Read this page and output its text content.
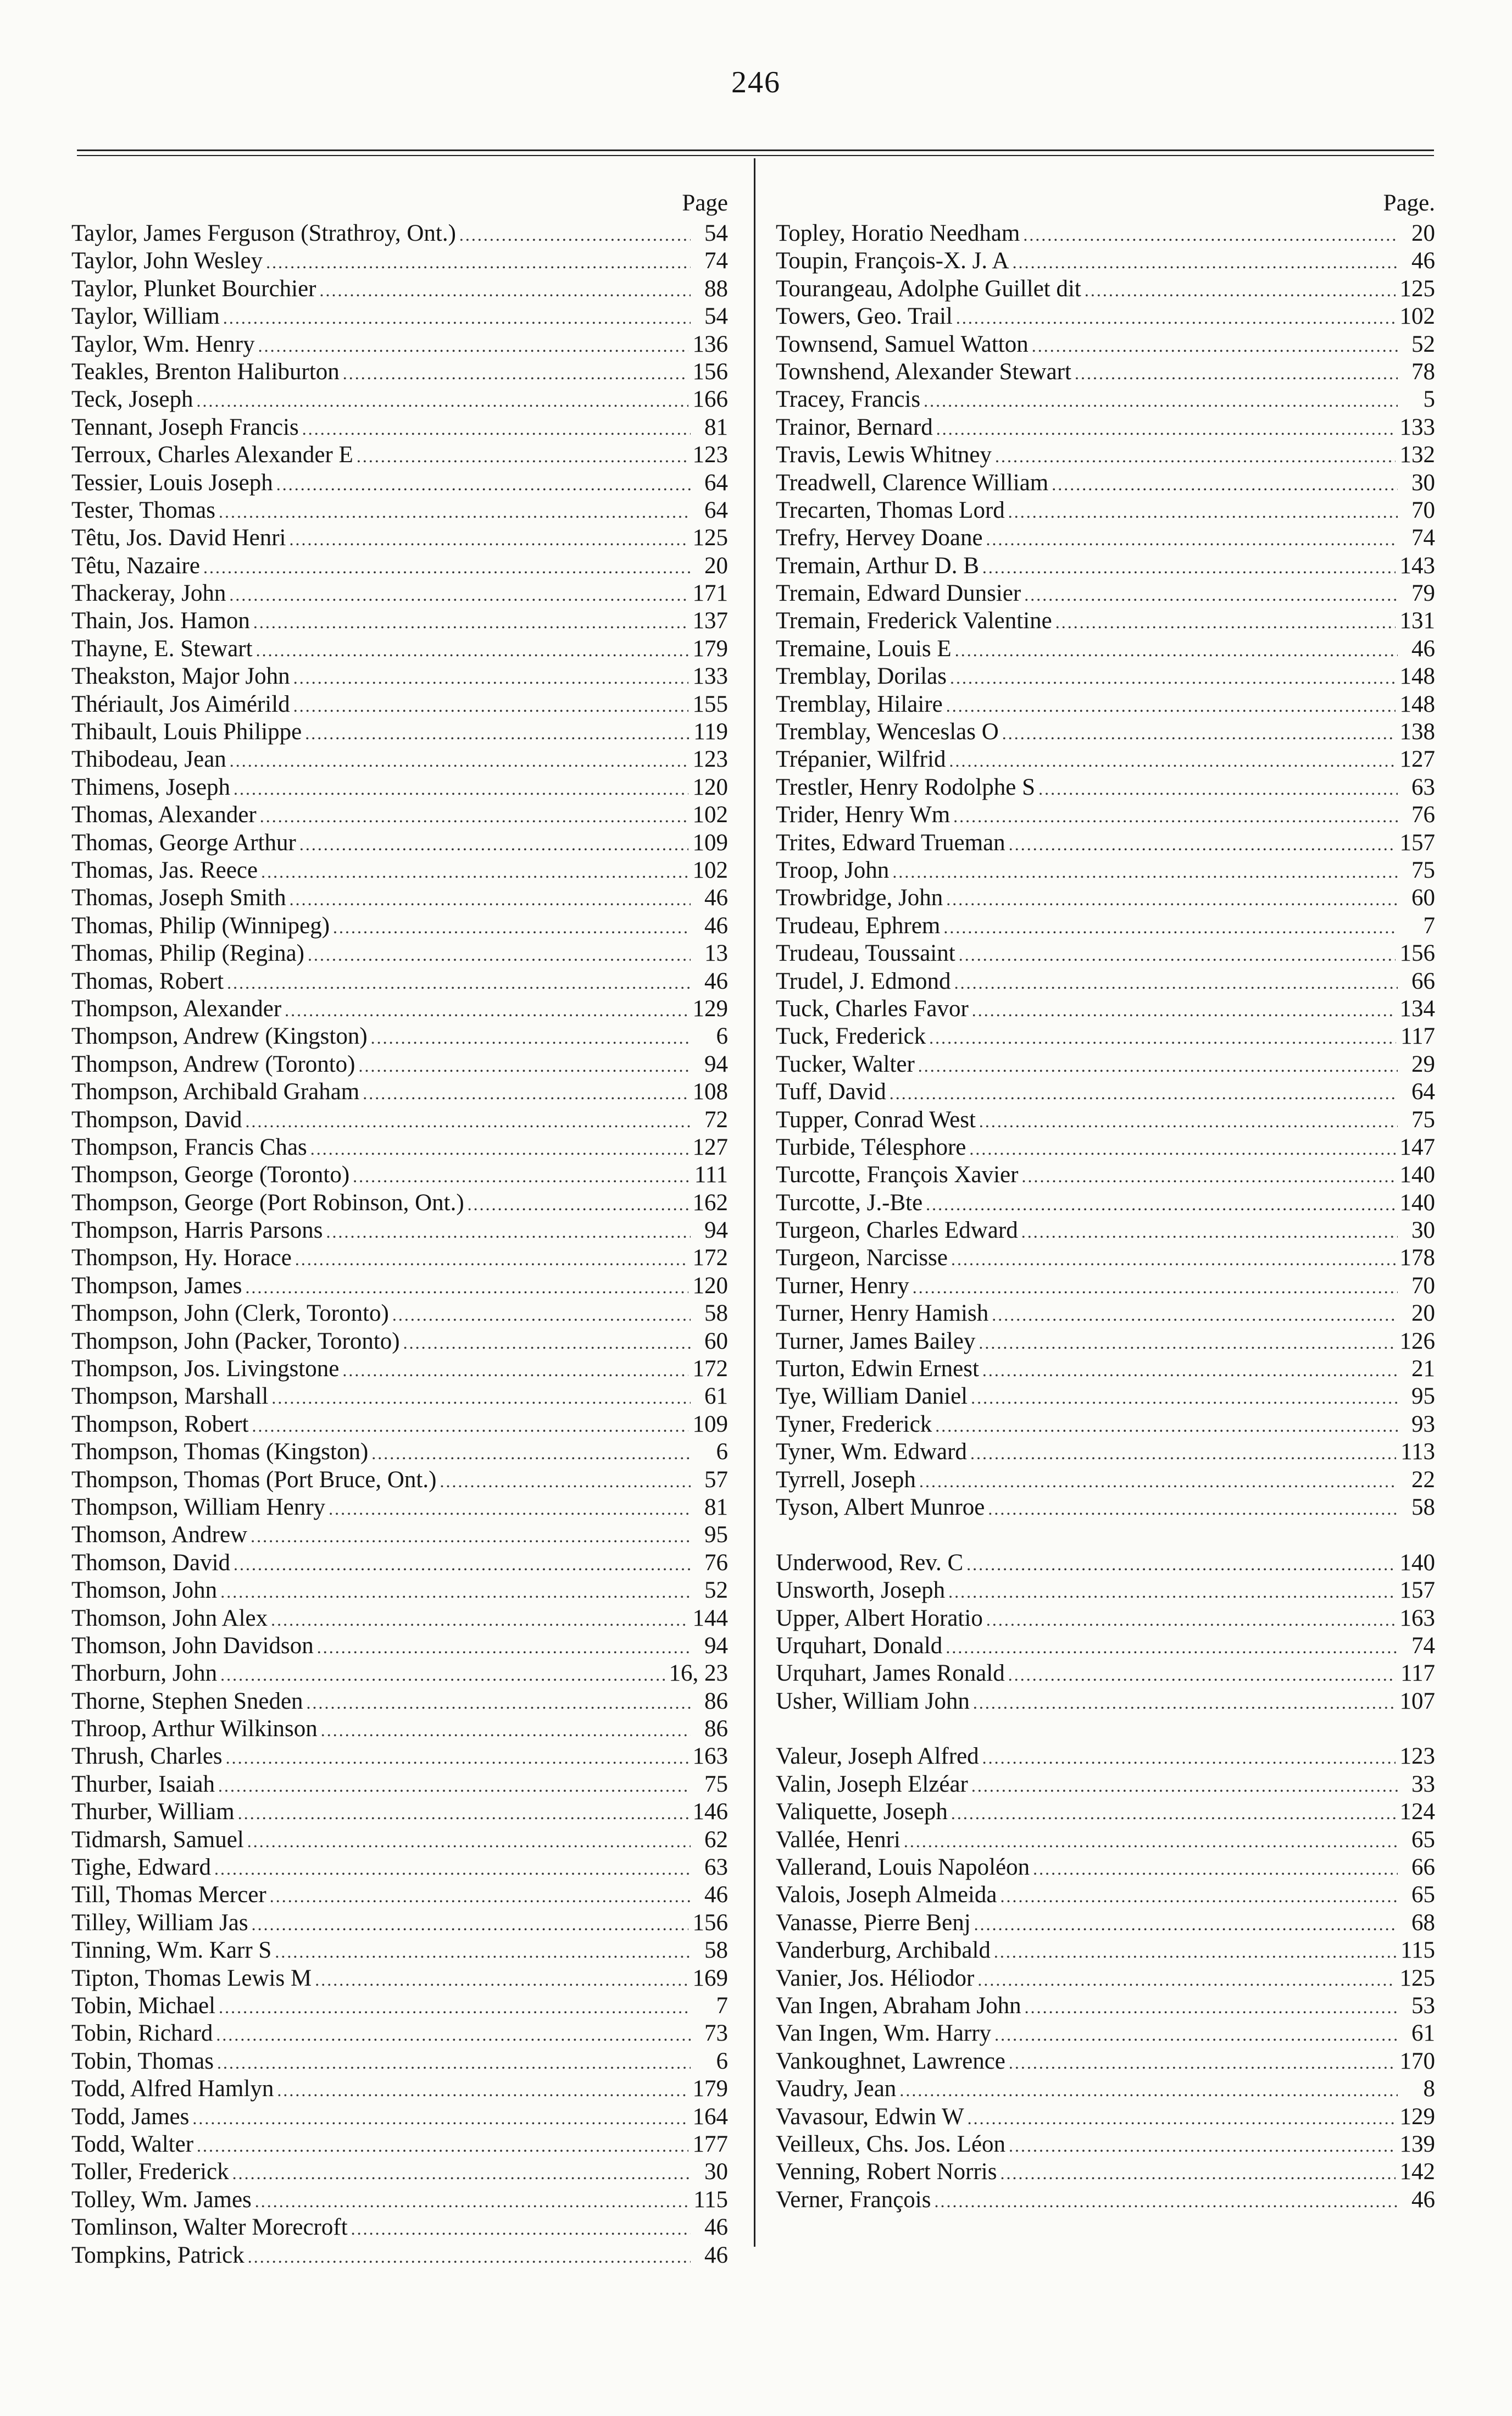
246
Page
Taylor, James Ferguson (Strathroy, Ont.) .....	54
Taylor, John Wesley .....	74
Taylor, Plunket Bourchier .....	88
Taylor, William .....	54
Taylor, Wm. Henry .....	136
Teakles, Brenton Haliburton .....	156
Teck, Joseph .....	166
Tennant, Joseph Francis .....	81
Terroux, Charles Alexander E .....	123
Tessier, Louis Joseph .....	64
Tester, Thomas .....	64
Têtu, Jos. David Henri .....	125
Têtu, Nazaire .....	20
Thackeray, John .....	171
Thain, Jos. Hamon .....	137
Thayne, E. Stewart .....	179
Theakston, Major John .....	133
Thériault, Jos Aimérild .....	155
Thibault, Louis Philippe .....	119
Thibodeau, Jean .....	123
Thimens, Joseph .....	120
Thomas, Alexander .....	102
Thomas, George Arthur .....	109
Thomas, Jas. Reece .....	102
Thomas, Joseph Smith .....	46
Thomas, Philip (Winnipeg) .....	46
Thomas, Philip (Regina) .....	13
Thomas, Robert .....	46
Thompson, Alexander .....	129
Thompson, Andrew (Kingston) .....	6
Thompson, Andrew (Toronto) .....	94
Thompson, Archibald Graham .....	108
Thompson, David .....	72
Thompson, Francis Chas .....	127
Thompson, George (Toronto) .....	111
Thompson, George (Port Robinson, Ont.) .....	162
Thompson, Harris Parsons .....	94
Thompson, Hy. Horace .....	172
Thompson, James .....	120
Thompson, John (Clerk, Toronto) .....	58
Thompson, John (Packer, Toronto) .....	60
Thompson, Jos. Livingstone .....	172
Thompson, Marshall .....	61
Thompson, Robert .....	109
Thompson, Thomas (Kingston) .....	6
Thompson, Thomas (Port Bruce, Ont.) .....	57
Thompson, William Henry .....	81
Thomson, Andrew .....	95
Thomson, David .....	76
Thomson, John .....	52
Thomson, John Alex .....	144
Thomson, John Davidson .....	94
Thorburn, John .....	16, 23
Thorne, Stephen Sneden .....	86
Throop, Arthur Wilkinson .....	86
Thrush, Charles .....	163
Thurber, Isaiah .....	75
Thurber, William .....	146
Tidmarsh, Samuel .....	62
Tighe, Edward .....	63
Till, Thomas Mercer .....	46
Tilley, William Jas .....	156
Tinning, Wm. Karr S .....	58
Tipton, Thomas Lewis M .....	169
Tobin, Michael .....	7
Tobin, Richard .....	73
Tobin, Thomas .....	6
Todd, Alfred Hamlyn .....	179
Todd, James .....	164
Todd, Walter .....	177
Toller, Frederick .....	30
Tolley, Wm. James .....	115
Tomlinson, Walter Morecroft .....	46
Tompkins, Patrick .....	46
Page.
Topley, Horatio Needham .....	20
Toupin, François-X. J. A .....	46
Tourangeau, Adolphe Guillet dit .....	125
Towers, Geo. Trail .....	102
Townsend, Samuel Watton .....	52
Townshend, Alexander Stewart .....	78
Tracey, Francis .....	5
Trainor, Bernard .....	133
Travis, Lewis Whitney .....	132
Treadwell, Clarence William .....	30
Trecarten, Thomas Lord .....	70
Trefry, Hervey Doane .....	74
Tremain, Arthur D. B .....	143
Tremain, Edward Dunsier .....	79
Tremain, Frederick Valentine .....	131
Tremaine, Louis E .....	46
Tremblay, Dorilas .....	148
Tremblay, Hilaire .....	148
Tremblay, Wenceslas O .....	138
Trépanier, Wilfrid .....	127
Trestler, Henry Rodolphe S .....	63
Trider, Henry Wm .....	76
Trites, Edward Trueman .....	157
Troop, John .....	75
Trowbridge, John .....	60
Trudeau, Ephrem .....	7
Trudeau, Toussaint .....	156
Trudel, J. Edmond .....	66
Tuck, Charles Favor .....	134
Tuck, Frederick .....	117
Tucker, Walter .....	29
Tuff, David .....	64
Tupper, Conrad West .....	75
Turbide, Télesphore .....	147
Turcotte, François Xavier .....	140
Turcotte, J.-Bte .....	140
Turgeon, Charles Edward .....	30
Turgeon, Narcisse .....	178
Turner, Henry .....	70
Turner, Henry Hamish .....	20
Turner, James Bailey .....	126
Turton, Edwin Ernest .....	21
Tye, William Daniel .....	95
Tyner, Frederick .....	93
Tyner, Wm. Edward .....	113
Tyrrell, Joseph .....	22
Tyson, Albert Munroe .....	58
Underwood, Rev. C .....	140
Unsworth, Joseph .....	157
Upper, Albert Horatio .....	163
Urquhart, Donald .....	74
Urquhart, James Ronald .....	117
Usher, William John .....	107
Valeur, Joseph Alfred .....	123
Valin, Joseph Elzéar .....	33
Valiquette, Joseph .....	124
Vallée, Henri .....	65
Vallerand, Louis Napoléon .....	66
Valois, Joseph Almeida .....	65
Vanasse, Pierre Benj .....	68
Vanderburg, Archibald .....	115
Vanier, Jos. Héliodor .....	125
Van Ingen, Abraham John .....	53
Van Ingen, Wm. Harry .....	61
Vankoughnet, Lawrence .....	170
Vaudry, Jean .....	8
Vavasour, Edwin W .....	129
Veilleux, Chs. Jos. Léon .....	139
Venning, Robert Norris .....	142
Verner, François .....	46
